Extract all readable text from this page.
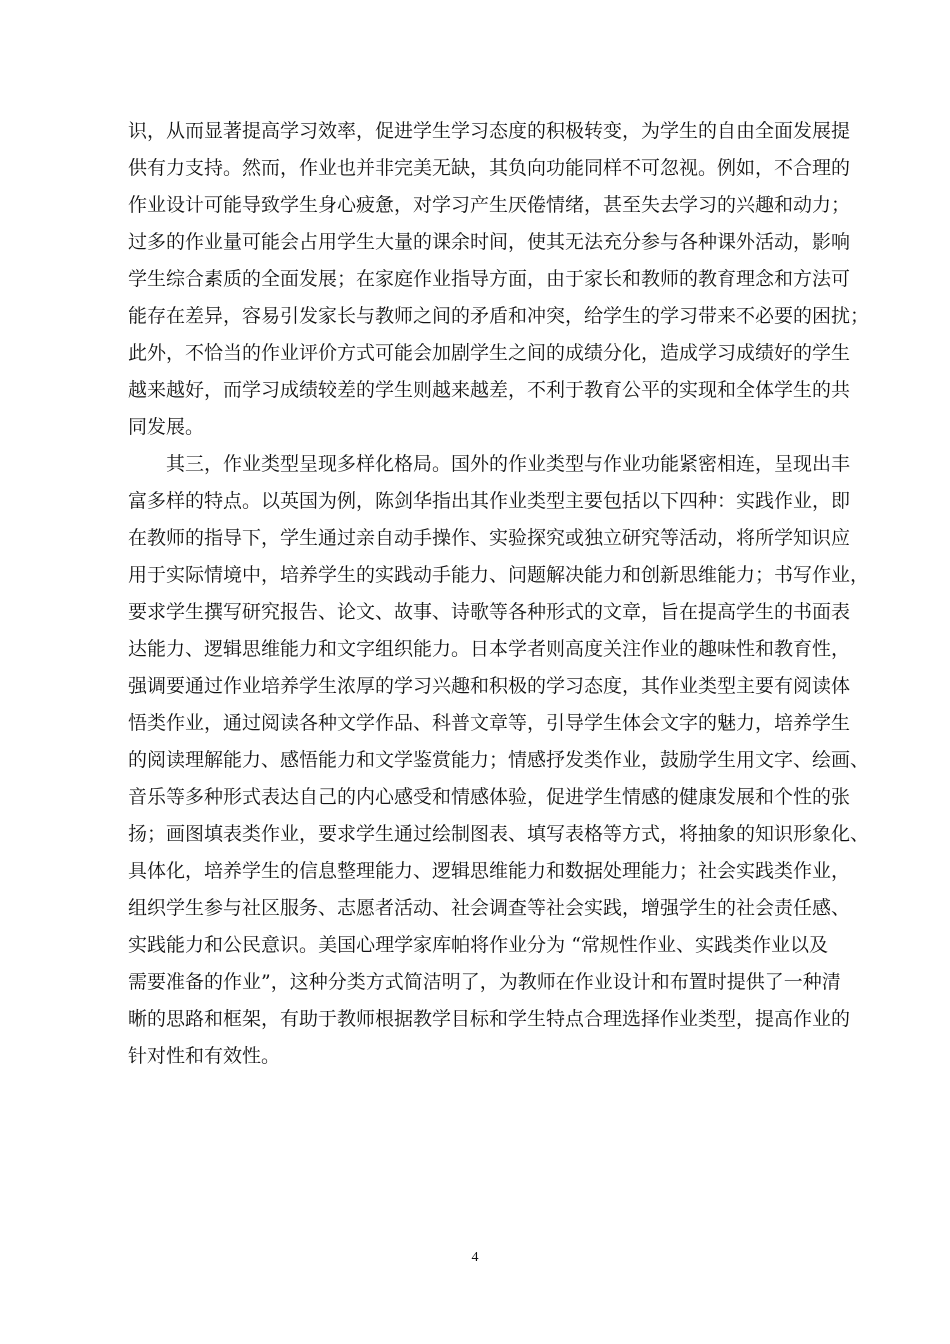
识，从而显著提高学习效率，促进学生学习态度的积极转变，为学生的自由全面发展提
供有力支持。然而，作业也并非完美无缺，其负向功能同样不可忽视。例如，不合理的
作业设计可能导致学生身心疲惫，对学习产生厌倦情绪，甚至失去学习的兴趣和动力；
过多的作业量可能会占用学生大量的课余时间，使其无法充分参与各种课外活动，影响
学生综合素质的全面发展；在家庭作业指导方面，由于家长和教师的教育理念和方法可
能存在差异，容易引发家长与教师之间的矛盾和冲突，给学生的学习带来不必要的困扰；
此外，不恰当的作业评价方式可能会加剧学生之间的成绩分化，造成学习成绩好的学生
越来越好，而学习成绩较差的学生则越来越差，不利于教育公平的实现和全体学生的共
同发展。
　　其三，作业类型呈现多样化格局。国外的作业类型与作业功能紧密相连，呈现出丰
富多样的特点。以英国为例，陈剑华指出其作业类型主要包括以下四种：实践作业，即
在教师的指导下，学生通过亲自动手操作、实验探究或独立研究等活动，将所学知识应
用于实际情境中，培养学生的实践动手能力、问题解决能力和创新思维能力；书写作业，
要求学生撰写研究报告、论文、故事、诗歌等各种形式的文章，旨在提高学生的书面表
达能力、逻辑思维能力和文字组织能力。日本学者则高度关注作业的趣味性和教育性，
强调要通过作业培养学生浓厚的学习兴趣和积极的学习态度，其作业类型主要有阅读体
悟类作业，通过阅读各种文学作品、科普文章等，引导学生体会文字的魅力，培养学生
的阅读理解能力、感悟能力和文学鉴赏能力；情感抒发类作业，鼓励学生用文字、绘画、
音乐等多种形式表达自己的内心感受和情感体验，促进学生情感的健康发展和个性的张
扬；画图填表类作业，要求学生通过绘制图表、填写表格等方式，将抽象的知识形象化、
具体化，培养学生的信息整理能力、逻辑思维能力和数据处理能力；社会实践类作业，
组织学生参与社区服务、志愿者活动、社会调查等社会实践，增强学生的社会责任感、
实践能力和公民意识。美国心理学家库帕将作业分为 “常规性作业、实践类作业以及
需要准备的作业”，这种分类方式简洁明了，为教师在作业设计和布置时提供了一种清
晰的思路和框架，有助于教师根据教学目标和学生特点合理选择作业类型，提高作业的
针对性和有效性。
4
